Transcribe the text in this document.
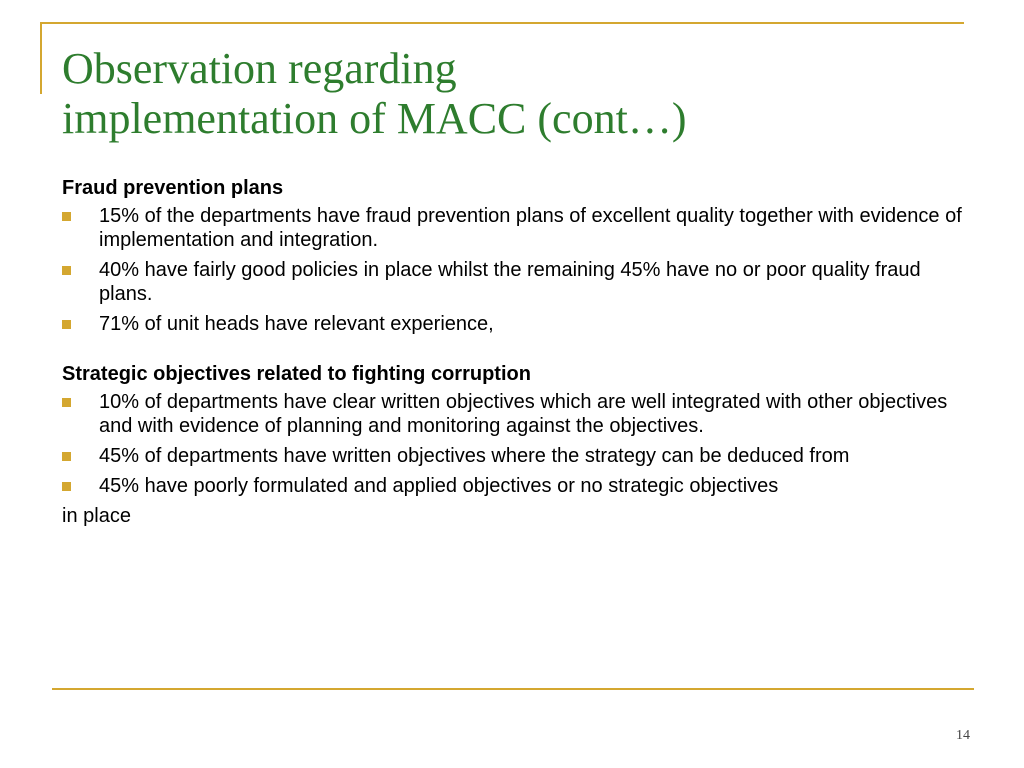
Observation regarding
implementation of MACC (cont…)
Fraud prevention plans
15% of the departments have fraud prevention plans of excellent quality together with evidence of implementation and integration.
40% have fairly good policies in place whilst the remaining 45% have no or poor quality fraud plans.
71% of unit heads have relevant experience,
Strategic objectives related to fighting corruption
10% of departments have clear written objectives which are well integrated with other objectives and with evidence of planning and monitoring against the objectives.
45% of departments have written objectives where the strategy can be deduced from
45% have poorly formulated and applied objectives or no strategic objectives
in place
14
